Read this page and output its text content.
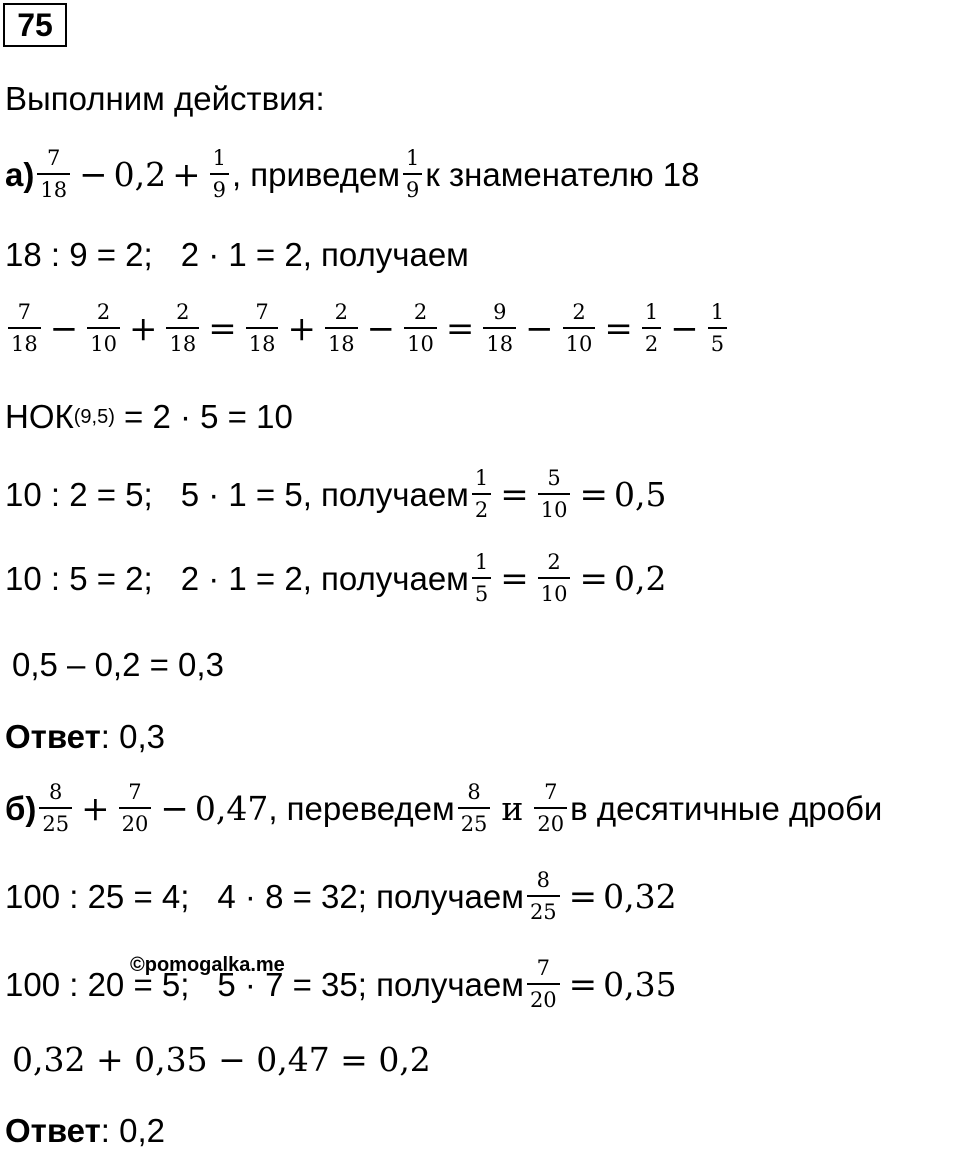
75
Выполним действия:
$а) \frac{7}{18} - 0,2 + \frac{1}{9}$ , приведем $\frac{1}{9}$ к знаменателю 18
18 : 9 = 2; 2 · 1 = 2, получаем
$\frac{7}{18} - \frac{2}{10} + \frac{2}{18} = \frac{7}{18} + \frac{2}{18} - \frac{2}{10} = \frac{9}{18} - \frac{2}{10} = \frac{1}{2} - \frac{1}{5}$
НОК (9,5) = 2 · 5 = 10
10 : 2 = 5; 5 · 1 = 5, получаем $\frac{1}{2} = \frac{5}{10} = 0,5$
10 : 5 = 2; 2 · 1 = 2, получаем $\frac{1}{5} = \frac{2}{10} = 0,2$
0,5 – 0,2 = 0,3
Ответ : 0,3
$б) \frac{8}{25} + \frac{7}{20} - 0,47$ , переведем $\frac{8}{25}$ и $\frac{7}{20}$ в десятичные дроби
100 : 25 = 4; 4 · 8 = 32; получаем $\frac{8}{25} = 0,32$
100 : 20 = 5; 5 · 7 = 35; получаем $\frac{7}{20} = 0,35$
0,32 + 0,35 − 0,47 = 0,2
Ответ : 0,2
©pomogalka.me
